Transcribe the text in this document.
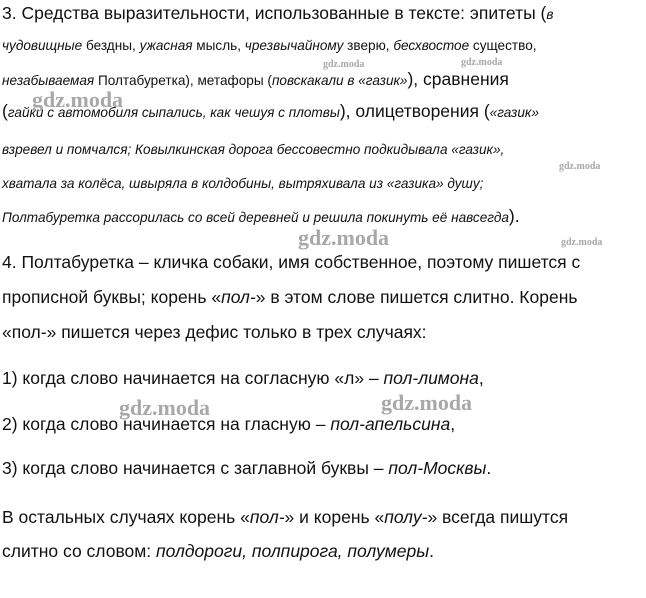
3. Средства выразительности, использованные в тексте: эпитеты (в

чудовищные бездны, ужасная мысль, чрезвычайному зверю, бесхвостое существо,

незабываемая Полтабуретка), метафоры (повскакали в «газик»), сравнения

(гайки с автомобиля сыпались, как чешуя с плотвы), олицетворения («газик»

взревел и помчался; Ковылкинская дорога бессовестно подкидывала «газик»,

хватала за колёса, швыряла в колдобины, вытряхивала из «газика» душу;

Полтабуретка рассорилась со всей деревней и решила покинуть её навсегда).

4. Полтабуретка – кличка собаки, имя собственное, поэтому пишется с

прописной буквы; корень «пол-» в этом слове пишется слитно. Корень

«пол-» пишется через дефис только в трех случаях:

1) когда слово начинается на согласную «л» – пол-лимона,

2) когда слово начинается на гласную – пол-апельсина,

3) когда слово начинается с заглавной буквы – пол-Москвы.

В остальных случаях корень «пол-» и корень «полу-» всегда пишутся

слитно со словом: полдороги, полпирога, полумеры.

gdz.moda	gdz.moda
gdz.moda
gdz.moda
gdz.moda	gdz.moda
gdz.moda	gdz.moda
